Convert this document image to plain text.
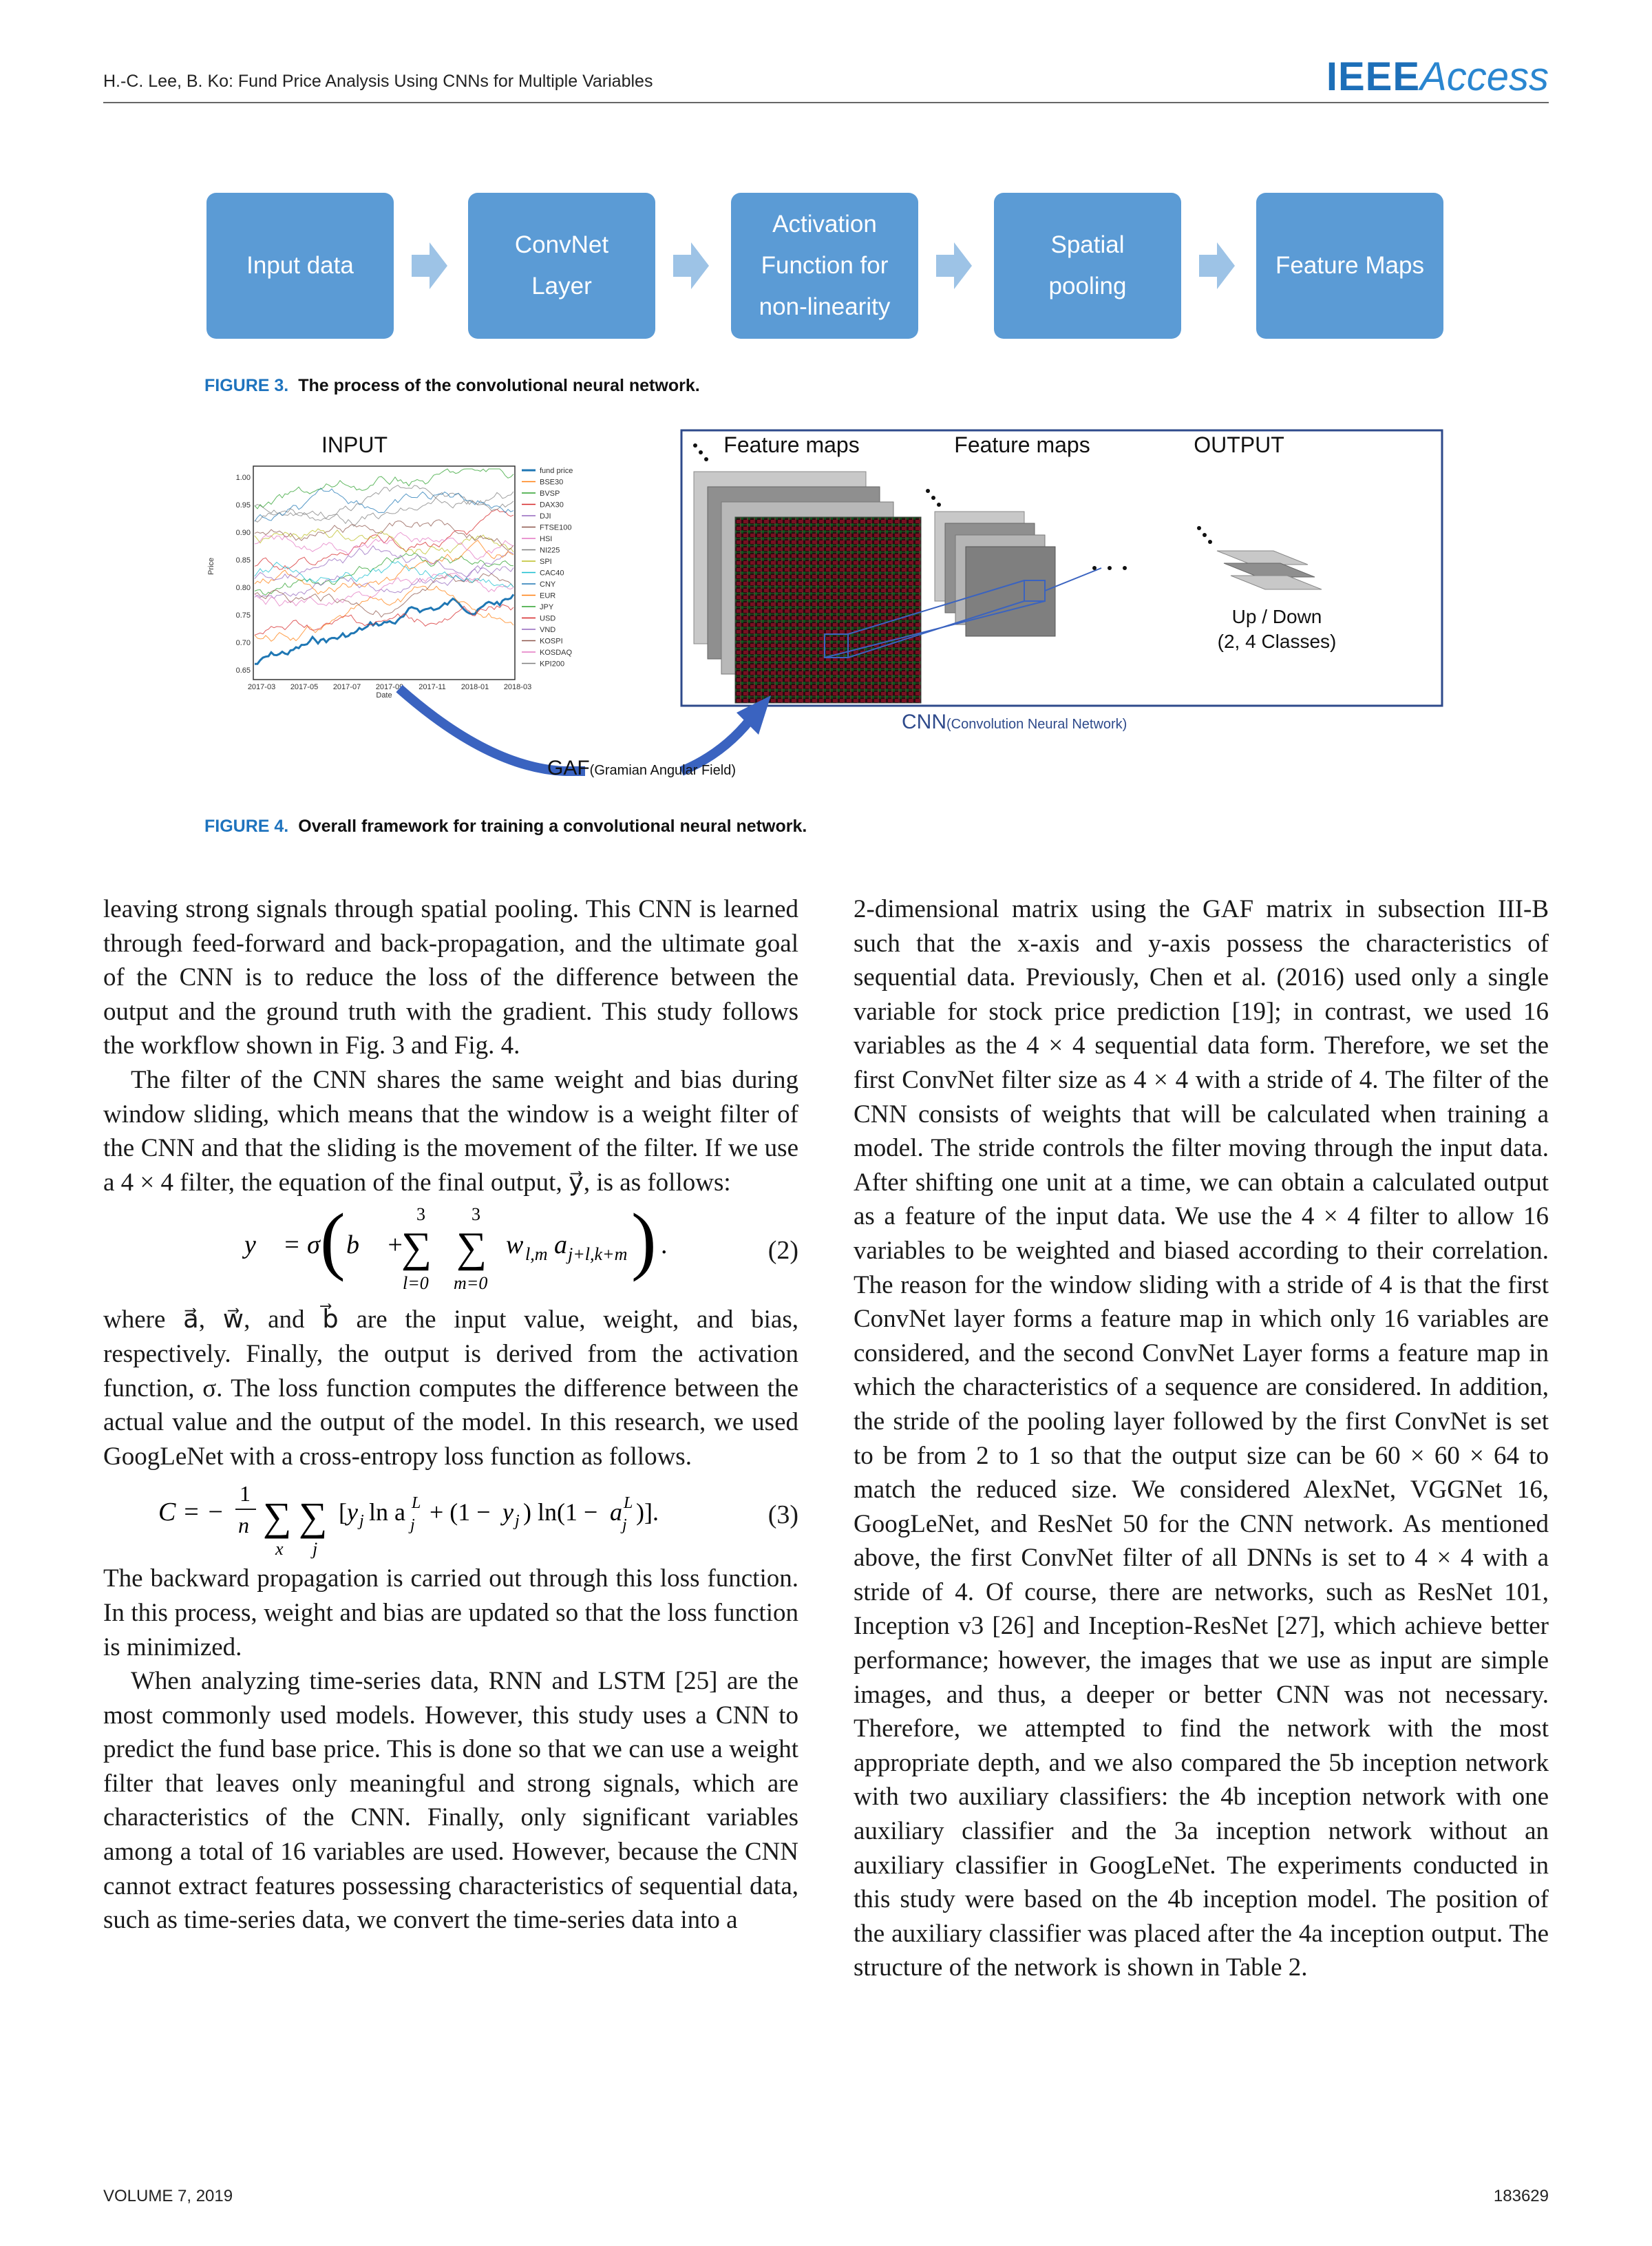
H.-C. Lee, B. Ko: Fund Price Analysis Using CNNs for Multiple Variables	IEEEAccess
Input data
ConvNet
Layer
Activation
Function for
non-linearity
Spatial
pooling
Feature Maps
FIGURE 3. The process of the convolutional neural network.
INPUT
1.00
0.95
0.90
0.85
0.80
0.75
0.70
0.65
2017-03 2017-05 2017-07 2017-09 2017-11 2018-01 2018-03
Price
Date
fund price
BSE30
BVSP
DAX30
DJI
FTSE100
HSI
NI225
SPI
CAC40
CNY
EUR
JPY
USD
VND
KOSPI
KOSDAQ
KPI200
Feature maps	Feature maps	OUTPUT
Up / Down
(2, 4 Classes)
CNN(Convolution Neural Network)
GAF(Gramian Angular Field)
FIGURE 4. Overall framework for training a convolutional neural network.

leaving strong signals through spatial pooling. This CNN is learned through feed-forward and back-propagation, and the ultimate goal of the CNN is to reduce the loss of the difference between the output and the ground truth with the gradient. This study follows the workflow shown in Fig. 3 and Fig. 4.

The filter of the CNN shares the same weight and bias during window sliding, which means that the window is a weight filter of the CNN and that the sliding is the movement of the filter. If we use a 4 × 4 filter, the equation of the final output, y⃗, is as follows:

y⃗ = σ ( b⃗ +
3
∑
l=0
3
∑
m=0
w l,m a j+l,k+m ) .	(2)

where a⃗, w⃗, and b⃗ are the input value, weight, and bias, respectively. Finally, the output is derived from the activation function, σ. The loss function computes the difference between the actual value and the output of the model. In this research, we used GoogLeNet with a cross-entropy loss function as follows.

C = −
1
n ∑
x
∑
j
[ y j ln a L
j + (1 − y j ) ln(1 − a L
j )].	(3)

The backward propagation is carried out through this loss function. In this process, weight and bias are updated so that the loss function is minimized.

When analyzing time-series data, RNN and LSTM [25] are the most commonly used models. However, this study uses a CNN to predict the fund base price. This is done so that we can use a weight filter that leaves only meaningful and strong signals, which are characteristics of the CNN. Finally, only significant variables among a total of 16 variables are used. However, because the CNN cannot extract features possessing characteristics of sequential data, such as time-series data, we convert the time-series data into a

2-dimensional matrix using the GAF matrix in subsection III-B such that the x-axis and y-axis possess the characteristics of sequential data. Previously, Chen et al. (2016) used only a single variable for stock price prediction [19]; in contrast, we used 16 variables as the 4 × 4 sequential data form. Therefore, we set the first ConvNet filter size as 4 × 4 with a stride of 4. The filter of the CNN consists of weights that will be calculated when training a model. The stride controls the filter moving through the input data. After shifting one unit at a time, we can obtain a calculated output as a feature of the input data. We use the 4 × 4 filter to allow 16 variables to be weighted and biased according to their correlation. The reason for the window sliding with a stride of 4 is that the first ConvNet layer forms a feature map in which only 16 variables are considered, and the second ConvNet Layer forms a feature map in which the characteristics of a sequence are considered. In addition, the stride of the pooling layer followed by the first ConvNet is set to be from 2 to 1 so that the output size can be 60 × 60 × 64 to match the reduced size. We considered AlexNet, VGGNet 16, GoogLeNet, and ResNet 50 for the CNN network. As mentioned above, the first ConvNet filter of all DNNs is set to 4 × 4 with a stride of 4. Of course, there are networks, such as ResNet 101, Inception v3 [26] and Inception-ResNet [27], which achieve better performance; however, the images that we use as input are simple images, and thus, a deeper or better CNN was not necessary. Therefore, we attempted to find the network with the most appropriate depth, and we also compared the 5b inception network with two auxiliary classifiers: the 4b inception network with one auxiliary classifier and the 3a inception network without an auxiliary classifier in GoogLeNet. The experiments conducted in this study were based on the 4b inception model. The position of the auxiliary classifier was placed after the 4a inception output. The structure of the network is shown in Table 2.

VOLUME 7, 2019	183629
